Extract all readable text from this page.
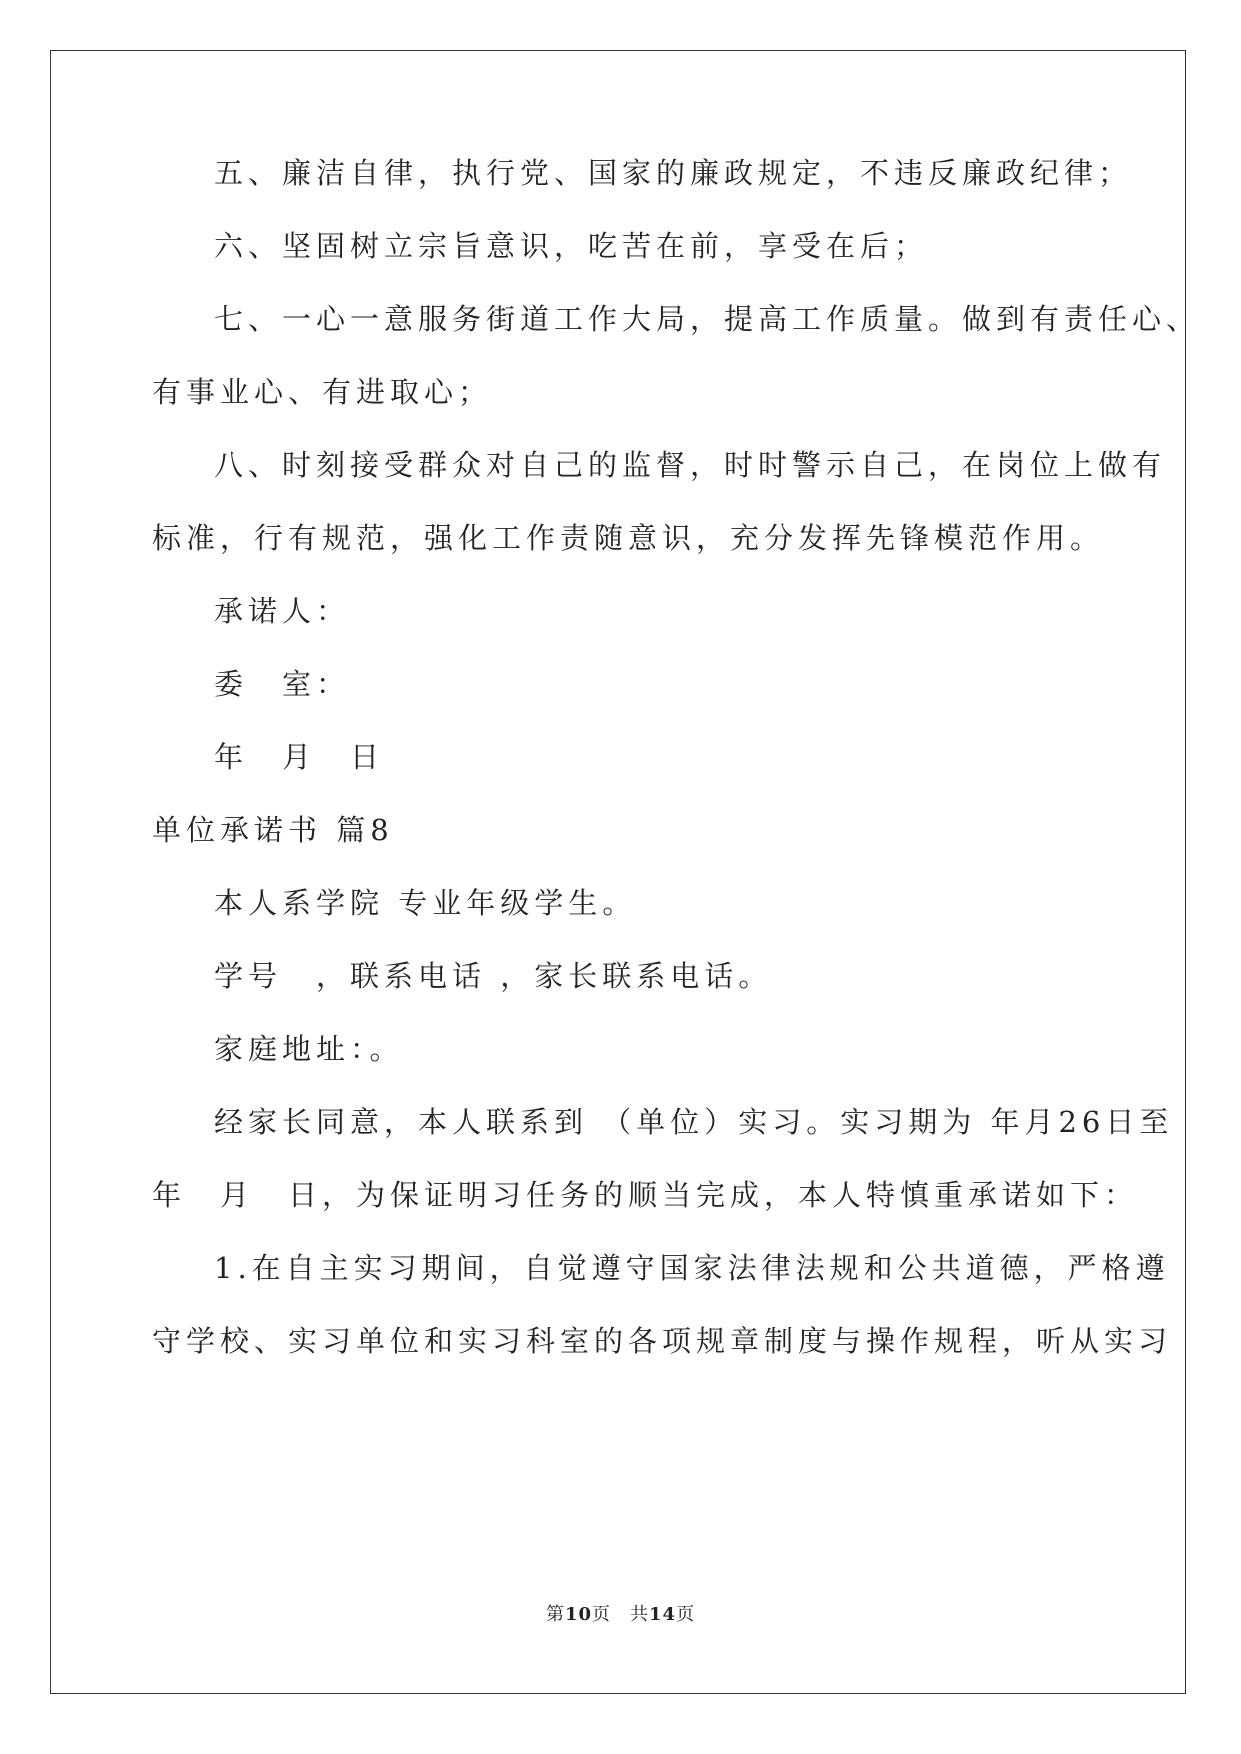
五、廉洁自律，执行党、国家的廉政规定，不违反廉政纪律；
六、坚固树立宗旨意识，吃苦在前，享受在后；
七、一心一意服务街道工作大局，提高工作质量。做到有责任心、
有事业心、有进取心；
八、时刻接受群众对自己的监督，时时警示自己，在岗位上做有
标准，行有规范，强化工作责随意识，充分发挥先锋模范作用。
承诺人：
委　室：
年　月　日
单位承诺书 篇8
本人系学院 专业年级学生。
学号　，联系电话 ，家长联系电话。
家庭地址：。
经家长同意，本人联系到 （单位）实习。实习期为 年月26日至
年　月　日，为保证明习任务的顺当完成，本人特慎重承诺如下：
1.在自主实习期间，自觉遵守国家法律法规和公共道德，严格遵
守学校、实习单位和实习科室的各项规章制度与操作规程，听从实习
第10页　共14页
